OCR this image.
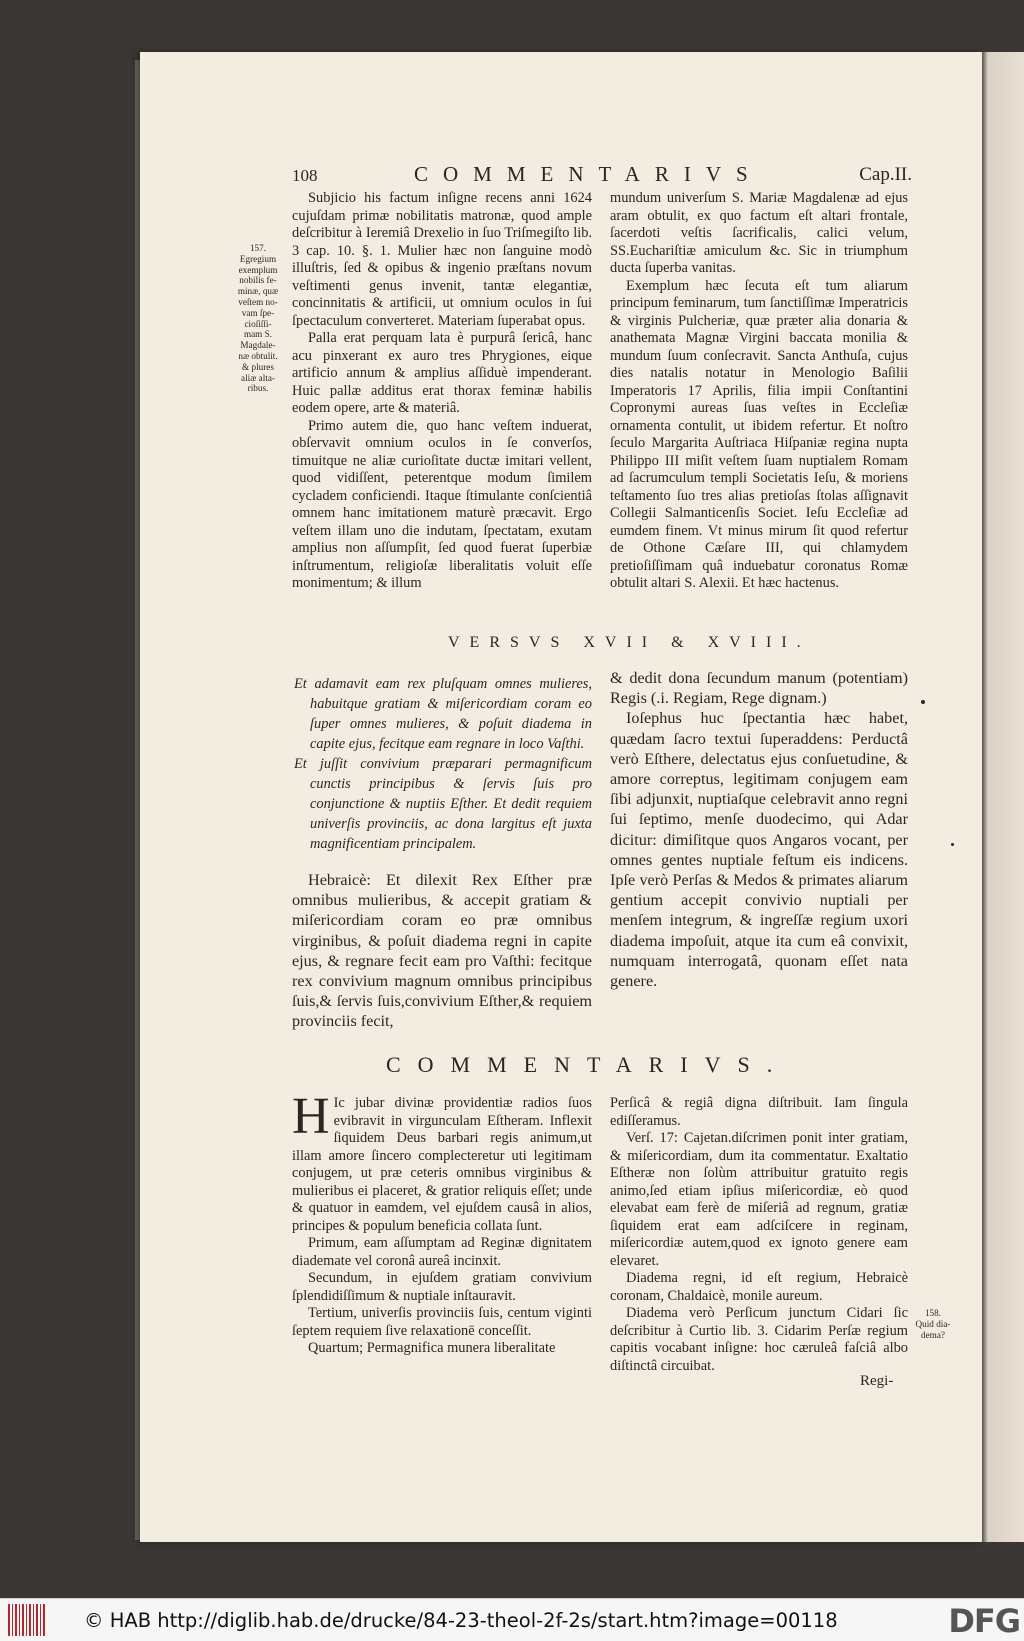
108	COMMENTARIVS	Cap.II.
157.
Egregium
exemplum
nobilis fe-
minæ, quæ
veſtem no-
vam ſpe-
cioſiſſi-
mam S.
Magdale-
næ obtulit.
& plures
aliæ alta-
ribus.

Subjicio his factum inſigne recens anni 1624 cujuſdam primæ nobilitatis matronæ, quod ample deſcribitur à Ieremiâ Drexelio in ſuo Triſmegiſto lib. 3 cap. 10. §. 1. Mulier hæc non ſanguine modò illuſtris, ſed & opibus & ingenio præſtans novum veſtimenti genus invenit, tantæ elegantiæ, concinnitatis & artificii, ut omnium oculos in ſui ſpectaculum converteret. Materiam ſuperabat opus.

Palla erat perquam lata è purpurâ ſericâ, hanc acu pinxerant ex auro tres Phrygiones, eique artificio annum & amplius aſſiduè impenderant. Huic pallæ additus erat thorax feminæ habilis eodem opere, arte & materiâ.

Primo autem die, quo hanc veſtem induerat, obſervavit omnium oculos in ſe converſos, timuitque ne aliæ curioſitate ductæ imitari vellent, quod vidiſſent, peterentque modum ſimilem cycladem conficiendi. Itaque ſtimulante conſcientiâ omnem hanc imitationem maturè præcavit. Ergo veſtem illam uno die indutam, ſpectatam, exutam amplius non aſſumpſit, ſed quod fuerat ſuperbiæ inſtrumentum, religioſæ liberalitatis voluit eſſe monimentum; & illum

mundum univerſum S. Mariæ Magdalenæ ad ejus aram obtulit, ex quo factum eſt altari frontale, ſacerdoti veſtis ſacrificalis, calici velum, SS.Euchariſtiæ amiculum &c. Sic in triumphum ducta ſuperba vanitas.

Exemplum hæc ſecuta eſt tum aliarum principum feminarum, tum ſanctiſſimæ Imperatricis & virginis Pulcheriæ, quæ præter alia donaria & anathemata Magnæ Virgini baccata monilia & mundum ſuum conſecravit. Sancta Anthuſa, cujus dies natalis notatur in Menologio Baſilii Imperatoris 17 Aprilis, filia impii Conſtantini Copronymi aureas ſuas veſtes in Eccleſiæ ornamenta contulit, ut ibidem refertur. Et noſtro ſeculo Margarita Auſtriaca Hiſpaniæ regina nupta Philippo III miſit veſtem ſuam nuptialem Romam ad ſacrumculum templi Societatis Ieſu, & moriens teſtamento ſuo tres alias pretioſas ſtolas aſſignavit Collegii Salmanticenſis Societ. Ieſu Eccleſiæ ad eumdem finem. Vt minus mirum ſit quod refertur de Othone Cæſare III, qui chlamydem pretioſiſſimam quâ induebatur coronatus Romæ obtulit altari S. Alexii. Et hæc hactenus.

VERSVS XVII & XVIII.

Et adamavit eam rex pluſquam omnes mulieres, habuitque gratiam & miſericordiam coram eo ſuper omnes mulieres, & poſuit diadema in capite ejus, fecitque eam regnare in loco Vaſthi.

Et juſſit convivium præparari permagnificum cunctis principibus & ſervis ſuis pro conjunctione & nuptiis Eſther. Et dedit requiem univerſis provinciis, ac dona largitus eſt juxta magnificentiam principalem.

Hebraicè: Et dilexit Rex Eſther præ omnibus mulieribus, & accepit gratiam & miſericordiam coram eo præ omnibus virginibus, & poſuit diadema regni in capite ejus, & regnare fecit eam pro Vaſthi: fecitque rex convivium magnum omnibus principibus ſuis,& ſervis ſuis,convivium Eſther,& requiem provinciis fecit,

& dedit dona ſecundum manum (potentiam) Regis (.i. Regiam, Rege dignam.)

Ioſephus huc ſpectantia hæc habet, quædam ſacro textui ſuperaddens: Perductâ verò Eſthere, delectatus ejus conſuetudine, & amore correptus, legitimam conjugem eam ſibi adjunxit, nuptiaſque celebravit anno regni ſui ſeptimo, menſe duodecimo, qui Adar dicitur: dimiſitque quos Angaros vocant, per omnes gentes nuptiale feſtum eis indicens. Ipſe verò Perſas & Medos & primates aliarum gentium accepit convivio nuptiali per menſem integrum, & ingreſſæ regium uxori diadema impoſuit, atque ita cum eâ convixit, numquam interrogatâ, quonam eſſet nata genere.

COMMENTARIVS.
H Ic jubar divinæ providentiæ radios ſuos evibravit in virgunculam Eſtheram. Inflexit ſiquidem Deus barbari regis animum,ut illam amore ſincero complecteretur uti legitimam conjugem, ut præ ceteris omnibus virginibus & mulieribus ei placeret, & gratior reliquis eſſet; unde & quatuor in eamdem, vel ejuſdem causâ in alios, principes & populum beneficia collata ſunt.

Primum, eam aſſumptam ad Reginæ dignitatem diademate vel coronâ aureâ incinxit.

Secundum, in ejuſdem gratiam convivium ſplendidiſſimum & nuptiale inſtauravit.

Tertium, univerſis provinciis ſuis, centum viginti ſeptem requiem ſive relaxationē conceſſit.

Quartum; Permagnifica munera liberalitate

Perſicâ & regiâ digna diſtribuit. Iam ſingula ediſſeramus.

Verſ. 17: Cajetan.diſcrimen ponit inter gratiam, & miſericordiam, dum ita commentatur. Exaltatio Eſtheræ non ſolùm attribuitur gratuito regis animo,ſed etiam ipſius miſericordiæ, eò quod elevabat eam ferè de miſeriâ ad regnum, gratiæ ſiquidem erat eam adſciſcere in reginam, miſericordiæ autem,quod ex ignoto genere eam elevaret.

Diadema regni, id eſt regium, Hebraicè coronam, Chaldaicè, monile aureum.

Diadema verò Perſicum junctum Cidari ſic deſcribitur à Curtio lib. 3. Cidarim Perſæ regium capitis vocabant inſigne: hoc cæruleâ faſciâ albo diſtinctâ circuibat.

158.
Quid dia-
dema?
Regi-
© HAB http://diglib.hab.de/drucke/84-23-theol-2f-2s/start.htm?image=00118	DFG
